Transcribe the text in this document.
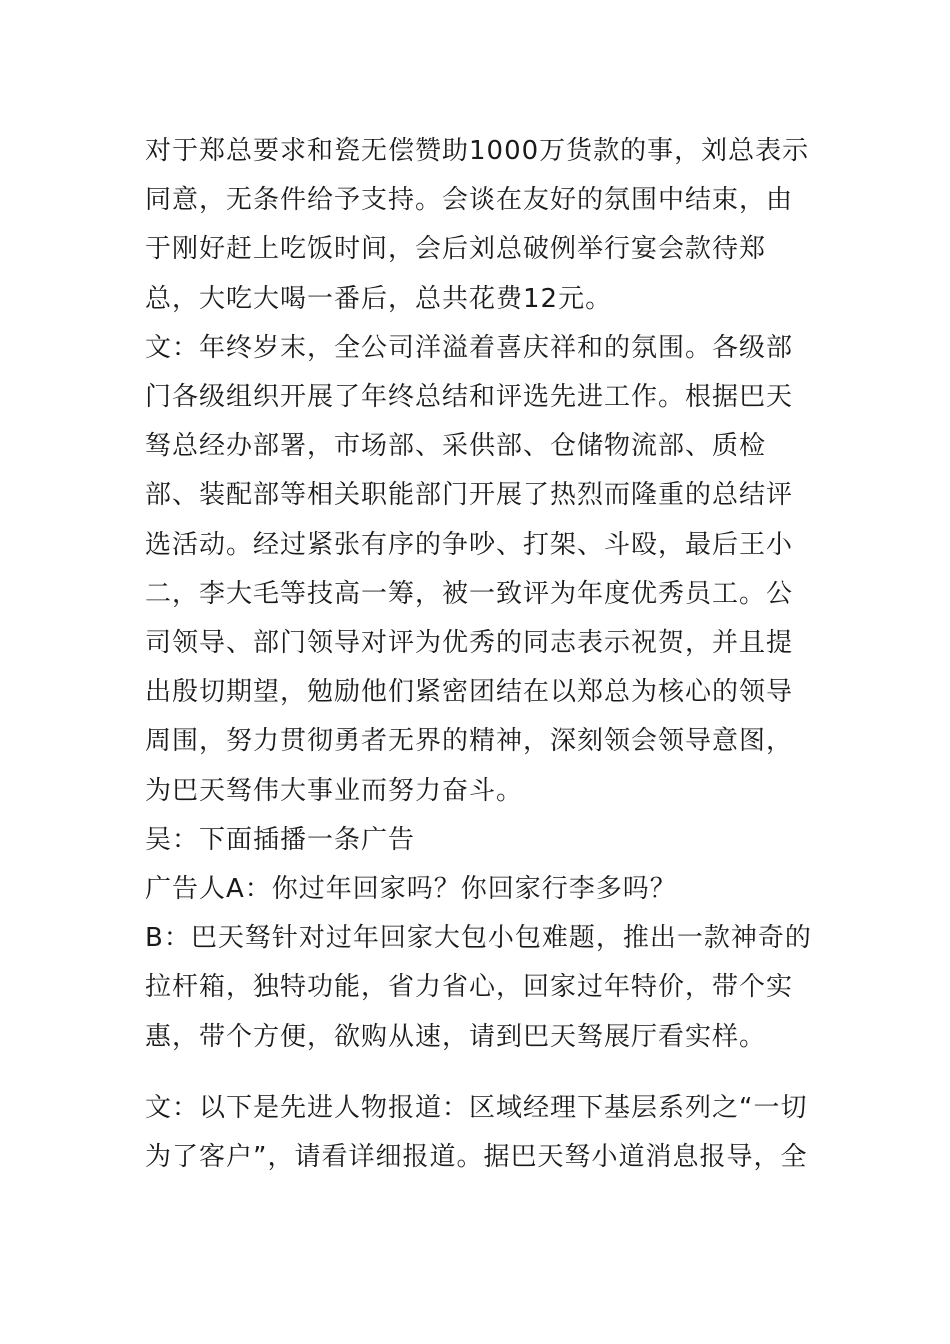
对于郑总要求和瓷无偿赞助1000万货款的事，刘总表示同意，无条件给予支持。会谈在友好的氛围中结束，由于刚好赶上吃饭时间，会后刘总破例举行宴会款待郑总，大吃大喝一番后，总共花费12元。

文：年终岁末，全公司洋溢着喜庆祥和的氛围。各级部门各级组织开展了年终总结和评选先进工作。根据巴天驽总经办部署，市场部、采供部、仓储物流部、质检部、装配部等相关职能部门开展了热烈而隆重的总结评选活动。经过紧张有序的争吵、打架、斗殴，最后王小二，李大毛等技高一筹，被一致评为年度优秀员工。公司领导、部门领导对评为优秀的同志表示祝贺，并且提出殷切期望，勉励他们紧密团结在以郑总为核心的领导周围，努力贯彻勇者无界的精神，深刻领会领导意图，为巴天驽伟大事业而努力奋斗。

吴：下面插播一条广告

广告人A：你过年回家吗？你回家行李多吗？

B：巴天驽针对过年回家大包小包难题，推出一款神奇的拉杆箱，独特功能，省力省心，回家过年特价，带个实惠，带个方便，欲购从速，请到巴天驽展厅看实样。

文：以下是先进人物报道：区域经理下基层系列之“一切为了客户”，请看详细报道。据巴天驽小道消息报导，全
